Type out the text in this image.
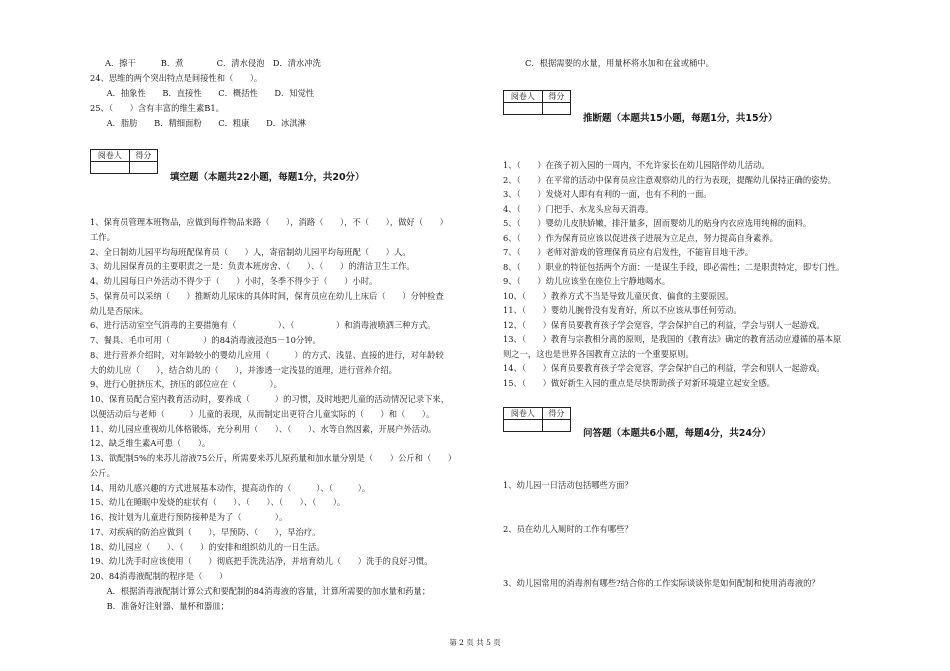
A．擦干　　　B．煮　　　　C．清水侵泡　D．清水冲洗
24、思维的两个突出特点是间接性和（　　）。
　　A．抽象性　　B．直接性　　C．概括性　　D．知觉性
25、（　　）含有丰富的维生素B1。
　　A．脂肪　　B．精细面粉　　C．粗康　　D．冰淇淋
阅卷人	得分

填空题（本题共22小题，每题1分，共20分）
1、保育员管理本班物品，应做到每件物品来路（　　），消路（　　），不（　　），做好（　　）
工作。
2、全日制幼儿园平均每班配保育员（　　）人，寄宿制幼儿园平均每班配（　　）人。
3、幼儿园保育员的主要职责之一是：负责本班房舍、（　　）、（　　）的清洁卫生工作。
4、幼儿园每日户外活动不得少于（　　）小时，冬季不得少于（　　）小时。
5、保育员可以采纳（　　）推断幼儿尿床的具体时间，保育员应在幼儿上床后（　　）分钟检查
幼儿是否尿床。
6、进行活动室空气消毒的主要措施有（　　　　　）、（　　　　　）和消毒液喷洒三种方式。
7、餐具、毛巾可用（　　　　）的84消毒液浸泡5－10分钟。
8、进行营养介绍时，对年龄较小的婴幼儿应用（　　　）的方式、浅显、直接的进行，对年龄较
大的幼儿应（　　），结合幼儿的（　　），并渗透一定浅显的道理，进行营养介绍。
9、进行心脏挤压术，挤压的部位应在（　　　　）。
10、保育员配合室内教育活动时，要养成（　　　）的习惯，及时地把儿童的活动情况记录下来，
以便活动后与老师（　　　）儿童的表现，从而制定出更符合儿童实际的（　　）和（　　）。
11、幼儿园应重视幼儿体格锻炼，充分利用（　　）、（　　）、水等自然因素，开展户外活动。
12、缺乏维生素A可患（　　）。
13、欲配制5%的来苏儿溶液75公斤，所需要来苏儿原药量和加水量分别是（　　）公斤和（　　）
公斤。
14、用幼儿感兴趣的方式进展基本动作，提高动作的（　　　）、（　　　）。
15、幼儿在睡眠中发烧的症状有（　　）、（　　）、（　　）、（　　）。
16、按计划为儿童进行预防接种是为了（　　　　）。
17、对疾病的防治应做到（　　），早预防、（　　），早治疗。
18、幼儿园应（　　）、（　　）的安排和组织幼儿的一日生活。
19、幼儿洗手时应该使用（　　）彻底把手洗洗洁净，并培育幼儿（　　）洗手的良好习惯。
20、84消毒液配制的程序是（　　）
　　A．根据消毒液配制计算公式和要配制的84消毒液的容量，计算所需要的加水量和药量；
　　B．准备好注射器、量杯和器皿；
C．根据需要的水量，用量杯将水加和在盆或桶中。
阅卷人	得分

推断题（本题共15小题，每题1分，共15分）
1、（　　）在孩子初入园的一周内，不允许家长在幼儿园陪伴幼儿活动。
2、（　　）在平常的活动中保育员应注意观察幼儿的行为表现，提醒幼儿保持正确的姿势。
3、（　　）发烧对人即有有利的一面，也有不利的一面。
4、（　　）门把手、水龙头应每天消毒。
5、（　　）婴幼儿皮肤娇嫩，排汗量多，固而婴幼儿的贴身内衣应选用纯棉的面料。
6、（　　）作为保育员应该以促进孩子进展为立足点，努力提高自身素养。
7、（　　）老师对游戏的管理保育员应有启发性，不能盲目地干涉。
8、（　　）职业的特征包括两个方面：一是谋生手段，即必需性；二是职责特定，即专门性。
9、（　　）幼儿应该坐在座位上宁静地喝水。
10、（　　）教养方式不当是导致儿童厌食、偏食的主要原因。
11、（　　）婴幼儿腕骨没有发育好，所以不应该从事任何劳动。
12、（　　）保育员要教育孩子学会宽容，学会保护自己的利益，学会与别人一起游戏。
13、（　　）教育与宗教相分离的原则，是我国的《教育法》确定的教育活动应遵循的基本原
则之一，这也是世界各国教育立法的一个重要原则。
14、（　　）保育员要教育孩子学会宽容，学会保护自己的利益，学会和别人一起游戏。
15、（　　）做好新生入园的重点是尽快帮助孩子对新环境建立起安全感。
阅卷人	得分

问答题（本题共6小题，每题4分，共24分）
1、幼儿园一日活动包括哪些方面？
2、员在幼儿入厕时的工作有哪些？
3、幼儿园常用的消毒剂有哪些?结合你的工作实际谈谈你是如何配制和使用消毒液的？
第 2 页 共 5 页
